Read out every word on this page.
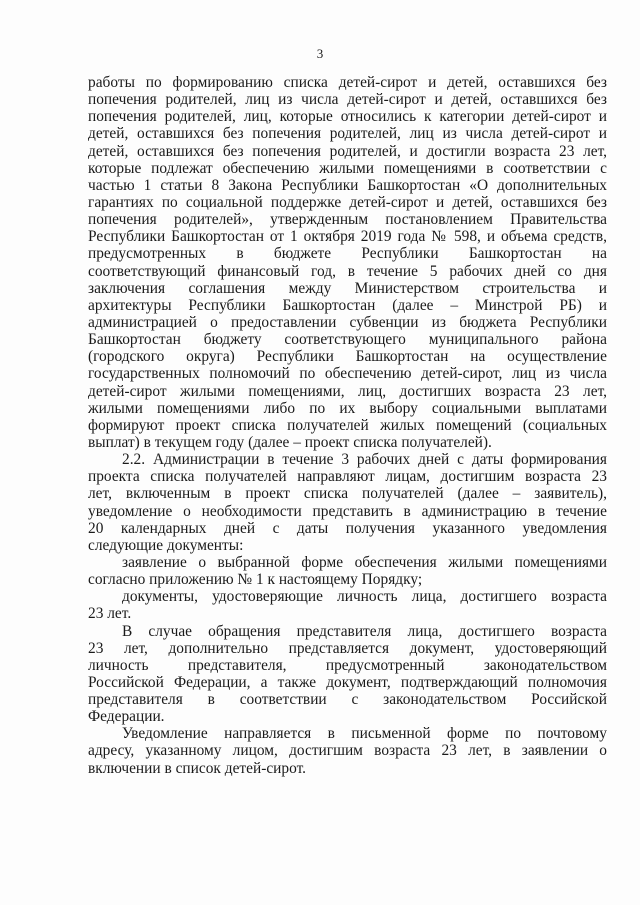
3
работы по формированию списка детей-сирот и детей, оставшихся без
попечения родителей, лиц из числа детей-сирот и детей, оставшихся без
попечения родителей, лиц, которые относились к категории детей-сирот и
детей, оставшихся без попечения родителей, лиц из числа детей-сирот и
детей, оставшихся без попечения родителей, и достигли возраста 23 лет,
которые подлежат обеспечению жилыми помещениями в соответствии с
частью 1 статьи 8 Закона Республики Башкортостан «О дополнительных
гарантиях по социальной поддержке детей-сирот и детей, оставшихся без
попечения родителей», утвержденным постановлением Правительства
Республики Башкортостан от 1 октября 2019 года № 598, и объема средств,
предусмотренных в бюджете Республики Башкортостан на
соответствующий финансовый год, в течение 5 рабочих дней со дня
заключения соглашения между Министерством строительства и
архитектуры Республики Башкортостан (далее – Минстрой РБ) и
администрацией о предоставлении субвенции из бюджета Республики
Башкортостан бюджету соответствующего муниципального района
(городского округа) Республики Башкортостан на осуществление
государственных полномочий по обеспечению детей-сирот, лиц из числа
детей-сирот жилыми помещениями, лиц, достигших возраста 23 лет,
жилыми помещениями либо по их выбору социальными выплатами
формируют проект списка получателей жилых помещений (социальных
выплат) в текущем году (далее – проект списка получателей).
2.2. Администрации в течение 3 рабочих дней с даты формирования
проекта списка получателей направляют лицам, достигшим возраста 23
лет, включенным в проект списка получателей (далее – заявитель),
уведомление о необходимости представить в администрацию в течение
20 календарных дней с даты получения указанного уведомления
следующие документы:
заявление о выбранной форме обеспечения жилыми помещениями
согласно приложению № 1 к настоящему Порядку;
документы, удостоверяющие личность лица, достигшего возраста
23 лет.
В случае обращения представителя лица, достигшего возраста
23 лет, дополнительно представляется документ, удостоверяющий
личность представителя, предусмотренный законодательством
Российской Федерации, а также документ, подтверждающий полномочия
представителя в соответствии с законодательством Российской
Федерации.
Уведомление направляется в письменной форме по почтовому
адресу, указанному лицом, достигшим возраста 23 лет, в заявлении о
включении в список детей-сирот.
